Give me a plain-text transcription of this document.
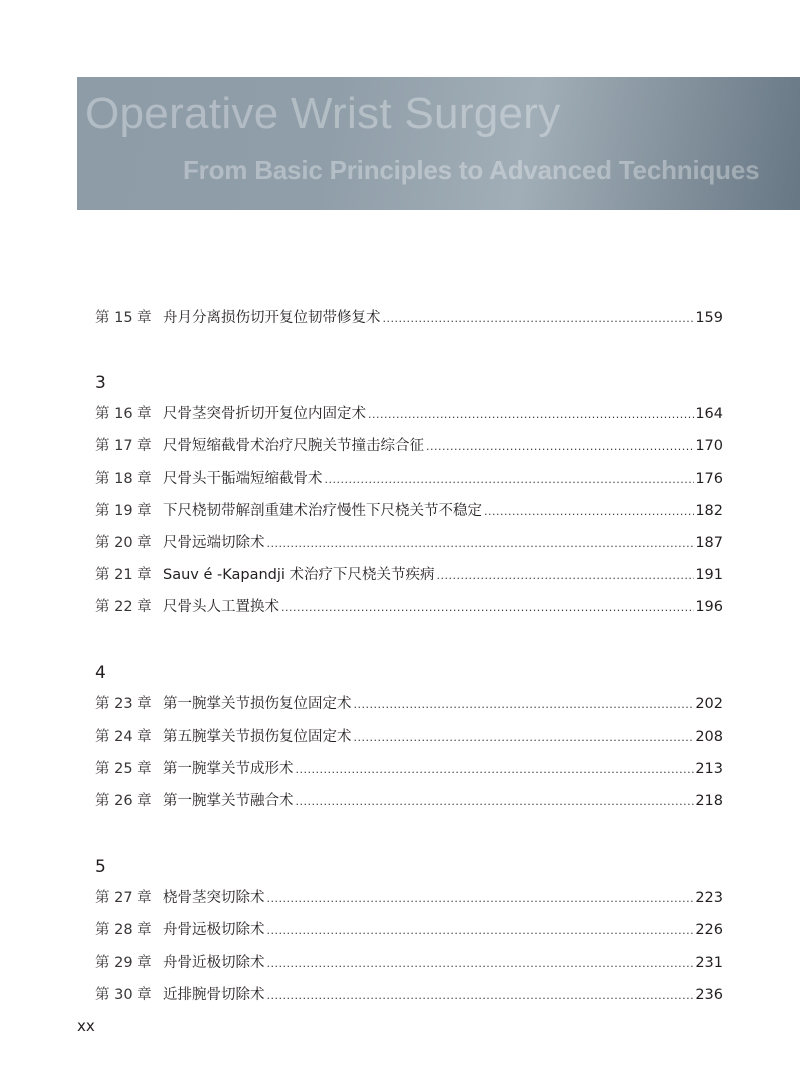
Operative Wrist Surgery
From Basic Principles to Advanced Techniques
第 15 章 舟月分离损伤切开复位韧带修复术 .....	159
3
第 16 章 尺骨茎突骨折切开复位内固定术 .....	164
第 17 章 尺骨短缩截骨术治疗尺腕关节撞击综合征 .....	170
第 18 章 尺骨头干骺端短缩截骨术 .....	176
第 19 章 下尺桡韧带解剖重建术治疗慢性下尺桡关节不稳定 .....	182
第 20 章 尺骨远端切除术 .....	187
第 21 章 Sauv é -Kapandji 术治疗下尺桡关节疾病 .....	191
第 22 章 尺骨头人工置换术 .....	196
4
第 23 章 第一腕掌关节损伤复位固定术 .....	202
第 24 章 第五腕掌关节损伤复位固定术 .....	208
第 25 章 第一腕掌关节成形术 .....	213
第 26 章 第一腕掌关节融合术 .....	218
5
第 27 章 桡骨茎突切除术 .....	223
第 28 章 舟骨远极切除术 .....	226
第 29 章 舟骨近极切除术 .....	231
第 30 章 近排腕骨切除术 .....	236
xx
